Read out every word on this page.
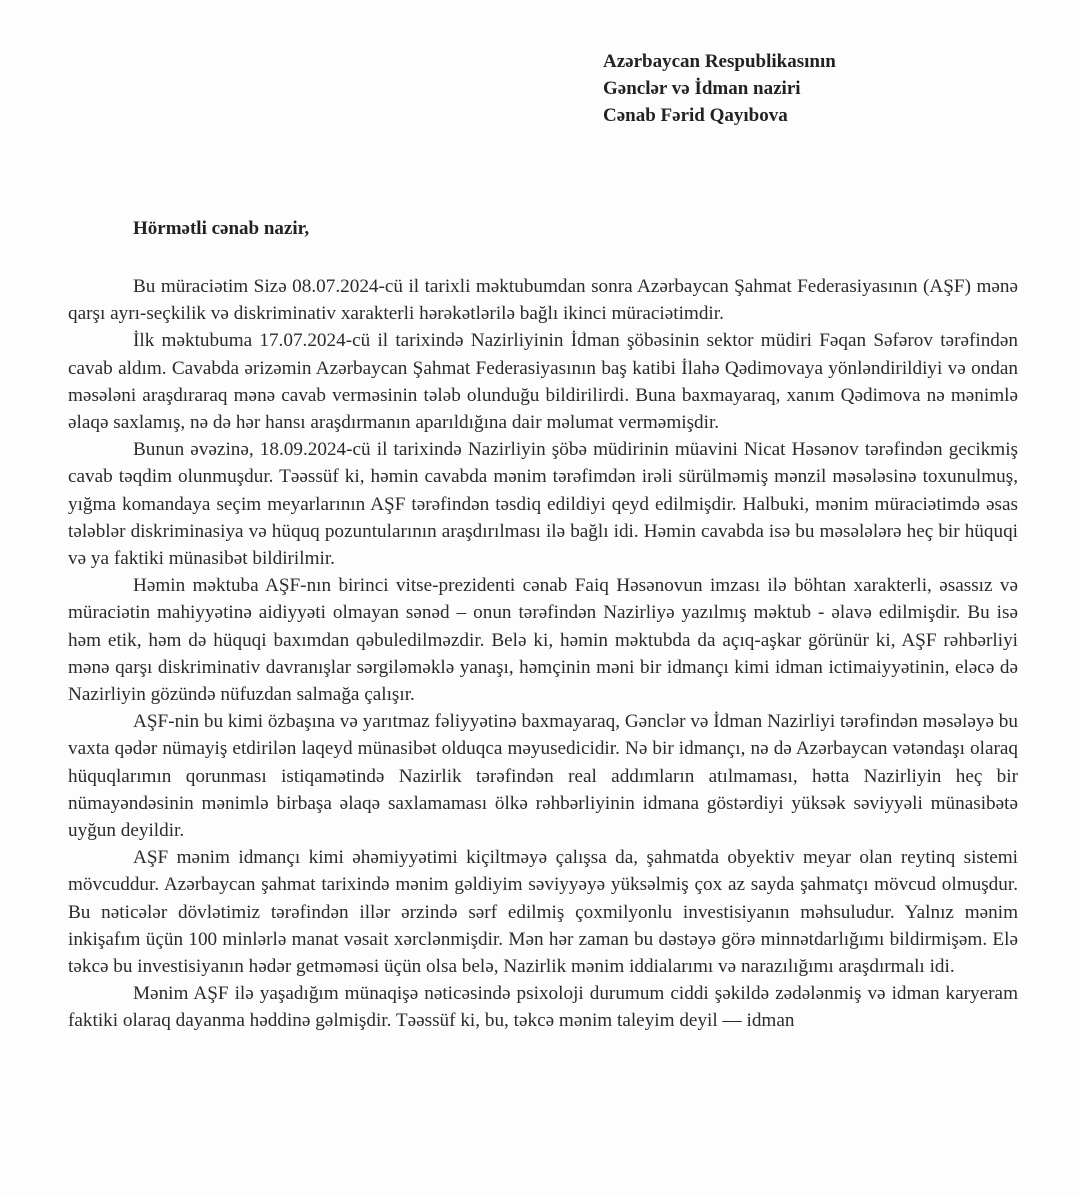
Azərbaycan Respublikasının
Gənclər və İdman naziri
Cənab Fərid Qayıbova
Hörmətli cənab nazir,

Bu müraciətim Sizə 08.07.2024-cü il tarixli məktubumdan sonra Azərbaycan Şahmat Federasiyasının (AŞF) mənə qarşı ayrı-seçkilik və diskriminativ xarakterli hərəkətlərilə bağlı ikinci müraciətimdir.

İlk məktubuma 17.07.2024-cü il tarixində Nazirliyinin İdman şöbəsinin sektor müdiri Fəqan Səfərov tərəfindən cavab aldım. Cavabda ərizəmin Azərbaycan Şahmat Federasiyasının baş katibi İlahə Qədimovaya yönləndirildiyi və ondan məsələni araşdıraraq mənə cavab verməsinin tələb olunduğu bildirilirdi. Buna baxmayaraq, xanım Qədimova nə mənimlə əlaqə saxlamış, nə də hər hansı araşdırmanın aparıldığına dair məlumat verməmişdir.

Bunun əvəzinə, 18.09.2024-cü il tarixində Nazirliyin şöbə müdirinin müavini Nicat Həsənov tərəfindən gecikmiş cavab təqdim olunmuşdur. Təəssüf ki, həmin cavabda mənim tərəfimdən irəli sürülməmiş mənzil məsələsinə toxunulmuş, yığma komandaya seçim meyarlarının AŞF tərəfindən təsdiq edildiyi qeyd edilmişdir. Halbuki, mənim müraciətimdə əsas tələblər diskriminasiya və hüquq pozuntularının araşdırılması ilə bağlı idi. Həmin cavabda isə bu məsələlərə heç bir hüquqi və ya faktiki münasibət bildirilmir.

Həmin məktuba AŞF-nın birinci vitse-prezidenti cənab Faiq Həsənovun imzası ilə böhtan xarakterli, əsassız və müraciətin mahiyyətinə aidiyyəti olmayan sənəd – onun tərəfindən Nazirliyə yazılmış məktub - əlavə edilmişdir. Bu isə həm etik, həm də hüquqi baxımdan qəbuledilməzdir. Belə ki, həmin məktubda da açıq-aşkar görünür ki, AŞF rəhbərliyi mənə qarşı diskriminativ davranışlar sərgiləməklə yanaşı, həmçinin məni bir idmançı kimi idman ictimaiyyətinin, eləcə də Nazirliyin gözündə nüfuzdan salmağa çalışır.

AŞF-nin bu kimi özbaşına və yarıtmaz fəliyyətinə baxmayaraq, Gənclər və İdman Nazirliyi tərəfindən məsələyə bu vaxta qədər nümayiş etdirilən laqeyd münasibət olduqca məyusedicidir. Nə bir idmançı, nə də Azərbaycan vətəndaşı olaraq hüquqlarımın qorunması istiqamətində Nazirlik tərəfindən real addımların atılmaması, hətta Nazirliyin heç bir nümayəndəsinin mənimlə birbaşa əlaqə saxlamaması ölkə rəhbərliyinin idmana göstərdiyi yüksək səviyyəli münasibətə uyğun deyildir.

AŞF mənim idmançı kimi əhəmiyyətimi kiçiltməyə çalışsa da, şahmatda obyektiv meyar olan reytinq sistemi mövcuddur. Azərbaycan şahmat tarixində mənim gəldiyim səviyyəyə yüksəlmiş çox az sayda şahmatçı mövcud olmuşdur. Bu nəticələr dövlətimiz tərəfindən illər ərzində sərf edilmiş çoxmilyonlu investisiyanın məhsuludur. Yalnız mənim inkişafım üçün 100 minlərlə manat vəsait xərclənmişdir. Mən hər zaman bu dəstəyə görə minnətdarlığımı bildirmişəm. Elə təkcə bu investisiyanın hədər getməməsi üçün olsa belə, Nazirlik mənim iddialarımı və narazılığımı araşdırmalı idi.

Mənim AŞF ilə yaşadığım münaqişə nəticəsində psixoloji durumum ciddi şəkildə zədələnmiş və idman karyeram faktiki olaraq dayanma həddinə gəlmişdir. Təəssüf ki, bu, təkcə mənim taleyim deyil — idman
